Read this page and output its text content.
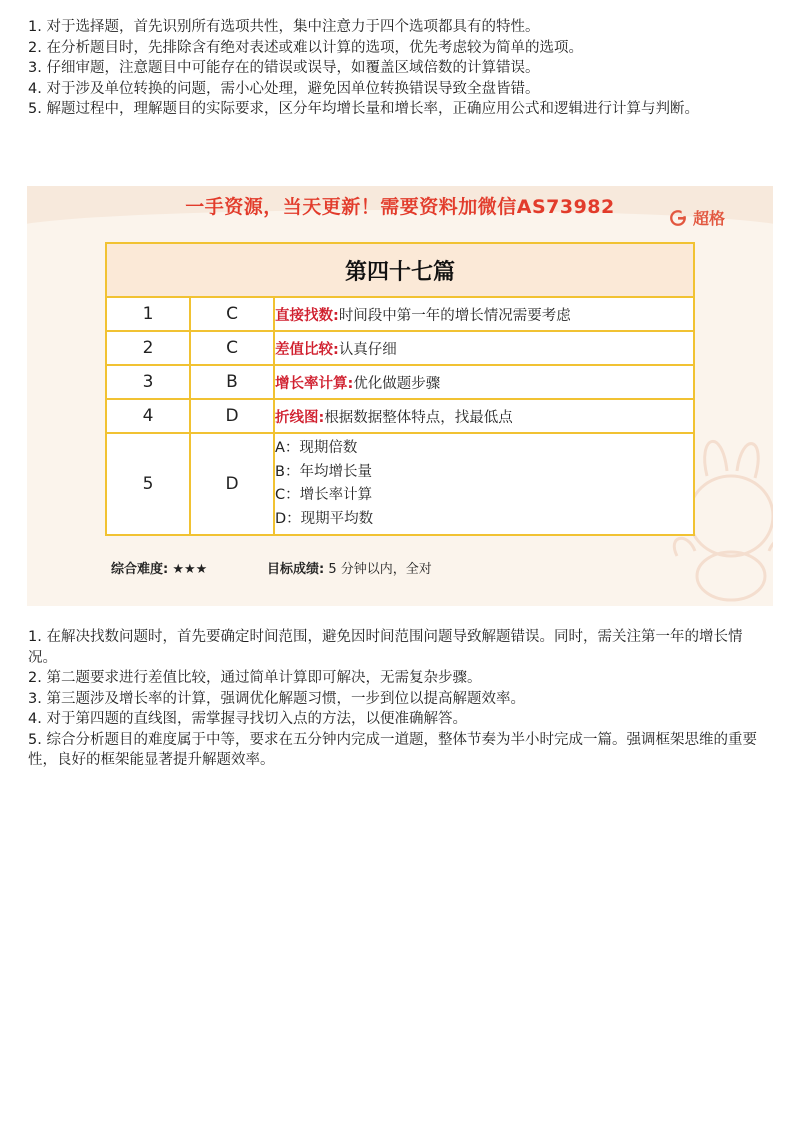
1. 对于选择题，首先识别所有选项共性，集中注意力于四个选项都具有的特性。

2. 在分析题目时，先排除含有绝对表述或难以计算的选项，优先考虑较为简单的选项。

3. 仔细审题，注意题目中可能存在的错误或误导，如覆盖区域倍数的计算错误。

4. 对于涉及单位转换的问题，需小心处理，避免因单位转换错误导致全盘皆错。

5. 解题过程中，理解题目的实际要求，区分年均增长量和增长率，正确应用公式和逻辑进行计算与判断。

一手资源，当天更新！需要资料加微信AS73982
超格
第四十七篇		
1	C	直接找数:时间段中第一年的增长情况需要考虑
2	C	差值比较:认真仔细
3	B	增长率计算:优化做题步骤
4	D	折线图:根据数据整体特点，找最低点
5	D	A：现期倍数
B：年均增长量
C：增长率计算
D：现期平均数
综合难度: ★★★	目标成绩: 5 分钟以内，全对

1. 在解决找数问题时，首先要确定时间范围，避免因时间范围问题导致解题错误。同时，需关注第一年的增长情况。

2. 第二题要求进行差值比较，通过简单计算即可解决，无需复杂步骤。

3. 第三题涉及增长率的计算，强调优化解题习惯，一步到位以提高解题效率。

4. 对于第四题的直线图，需掌握寻找切入点的方法，以便准确解答。

5. 综合分析题目的难度属于中等，要求在五分钟内完成一道题，整体节奏为半小时完成一篇。强调框架思维的重要性，良好的框架能显著提升解题效率。
